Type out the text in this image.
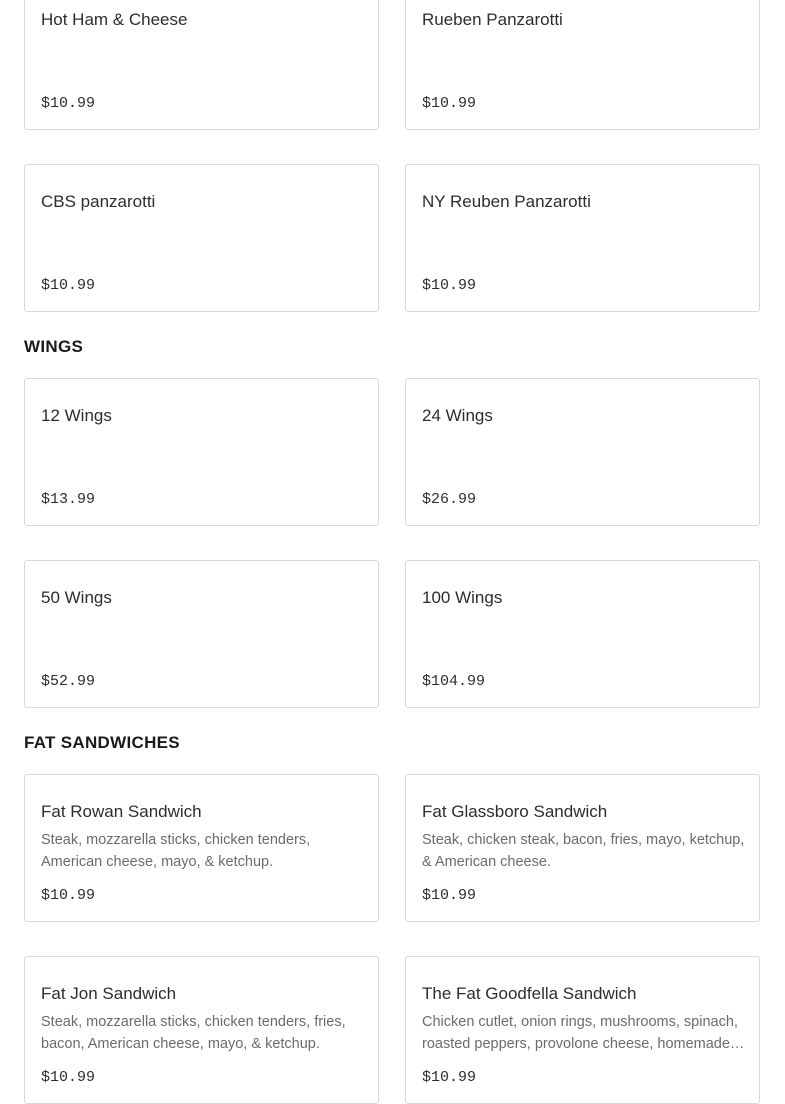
Hot Ham & Cheese
$10.99
Rueben Panzarotti
$10.99
CBS panzarotti
$10.99
NY Reuben Panzarotti
$10.99
WINGS
12 Wings
$13.99
24 Wings
$26.99
50 Wings
$52.99
100 Wings
$104.99
FAT SANDWICHES
Fat Rowan Sandwich
Steak, mozzarella sticks, chicken tenders, American cheese, mayo, & ketchup.
$10.99
Fat Glassboro Sandwich
Steak, chicken steak, bacon, fries, mayo, ketchup, & American cheese.
$10.99
Fat Jon Sandwich
Steak, mozzarella sticks, chicken tenders, fries, bacon, American cheese, mayo, & ketchup.
$10.99
The Fat Goodfella Sandwich
Chicken cutlet, onion rings, mushrooms, spinach, roasted peppers, provolone cheese, homemade…
$10.99
